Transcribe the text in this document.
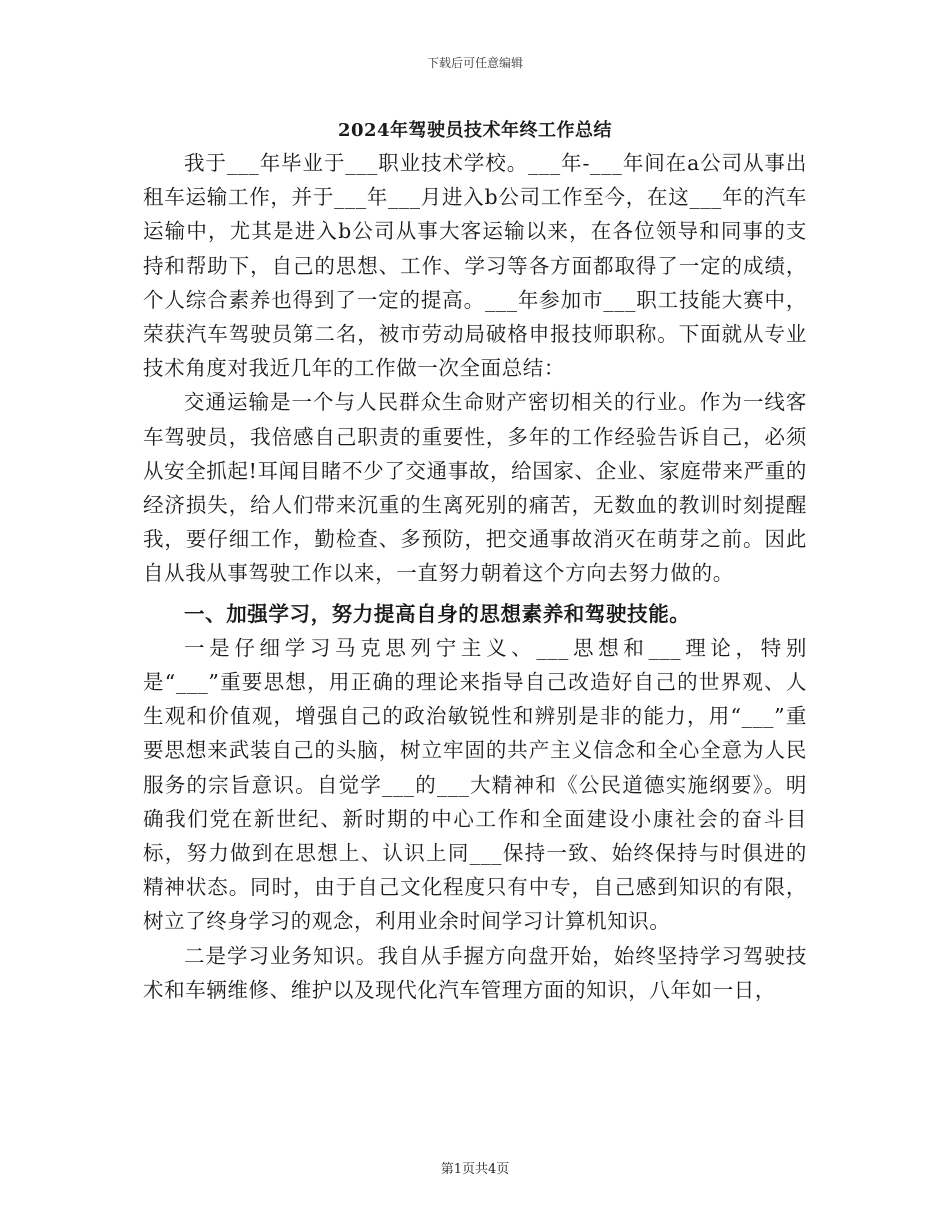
下载后可任意编辑
2024年驾驶员技术年终工作总结

我于___年毕业于___职业技术学校。___年-___年间在a公司从事出租车运输工作，并于___年___月进入b公司工作至今，在这___年的汽车运输中，尤其是进入b公司从事大客运输以来，在各位领导和同事的支持和帮助下，自己的思想、工作、学习等各方面都取得了一定的成绩，个人综合素养也得到了一定的提高。___年参加市___职工技能大赛中，荣获汽车驾驶员第二名，被市劳动局破格申报技师职称。下面就从专业技术角度对我近几年的工作做一次全面总结：

交通运输是一个与人民群众生命财产密切相关的行业。作为一线客车驾驶员，我倍感自己职责的重要性，多年的工作经验告诉自己，必须从安全抓起!耳闻目睹不少了交通事故，给国家、企业、家庭带来严重的经济损失，给人们带来沉重的生离死别的痛苦，无数血的教训时刻提醒我，要仔细工作，勤检查、多预防，把交通事故消灭在萌芽之前。因此自从我从事驾驶工作以来，一直努力朝着这个方向去努力做的。

一、加强学习，努力提高自身的思想素养和驾驶技能。

一是仔细学习马克思列宁主义、___思想和___理论，特别是“___”重要思想，用正确的理论来指导自己改造好自己的世界观、人生观和价值观，增强自己的政治敏锐性和辨别是非的能力，用“___”重要思想来武装自己的头脑，树立牢固的共产主义信念和全心全意为人民服务的宗旨意识。自觉学___的___大精神和《公民道德实施纲要》。明确我们党在新世纪、新时期的中心工作和全面建设小康社会的奋斗目标，努力做到在思想上、认识上同___保持一致、始终保持与时俱进的精神状态。同时，由于自己文化程度只有中专，自己感到知识的有限，树立了终身学习的观念，利用业余时间学习计算机知识。

二是学习业务知识。我自从手握方向盘开始，始终坚持学习驾驶技术和车辆维修、维护以及现代化汽车管理方面的知识，八年如一日，

第1页共4页
